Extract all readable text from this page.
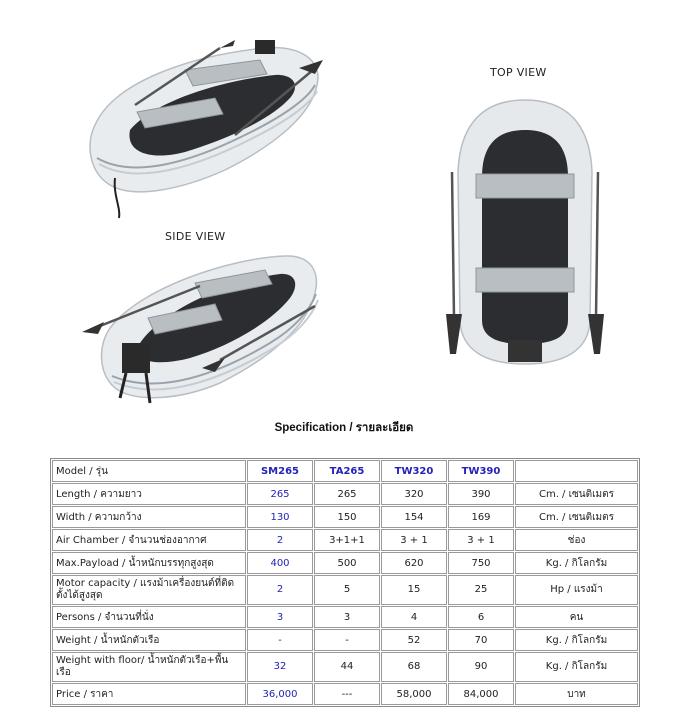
TOP VIEW
SIDE VIEW
Specification / รายละเอียด
Model / รุ่น	SM265	TA265	TW320	TW390	
Length / ความยาว	265	265	320	390	Cm. / เซนติเมตร
Width / ความกว้าง	130	150	154	169	Cm. / เซนติเมตร
Air Chamber / จำนวนช่องอากาศ	2	3+1+1	3 + 1	3 + 1	ช่อง
Max.Payload / น้ำหนักบรรทุกสูงสุด	400	500	620	750	Kg. / กิโลกรัม
Motor capacity / แรงม้าเครื่องยนต์ที่ติดตั้งได้สูงสุด	2	5	15	25	Hp / แรงม้า
Persons / จำนวนที่นั่ง	3	3	4	6	คน
Weight / น้ำหนักตัวเรือ	-	-	52	70	Kg. / กิโลกรัม
Weight with floor/ น้ำหนักตัวเรือ+พื้นเรือ	32	44	68	90	Kg. / กิโลกรัม
Price / ราคา	36,000	---	58,000	84,000	บาท
